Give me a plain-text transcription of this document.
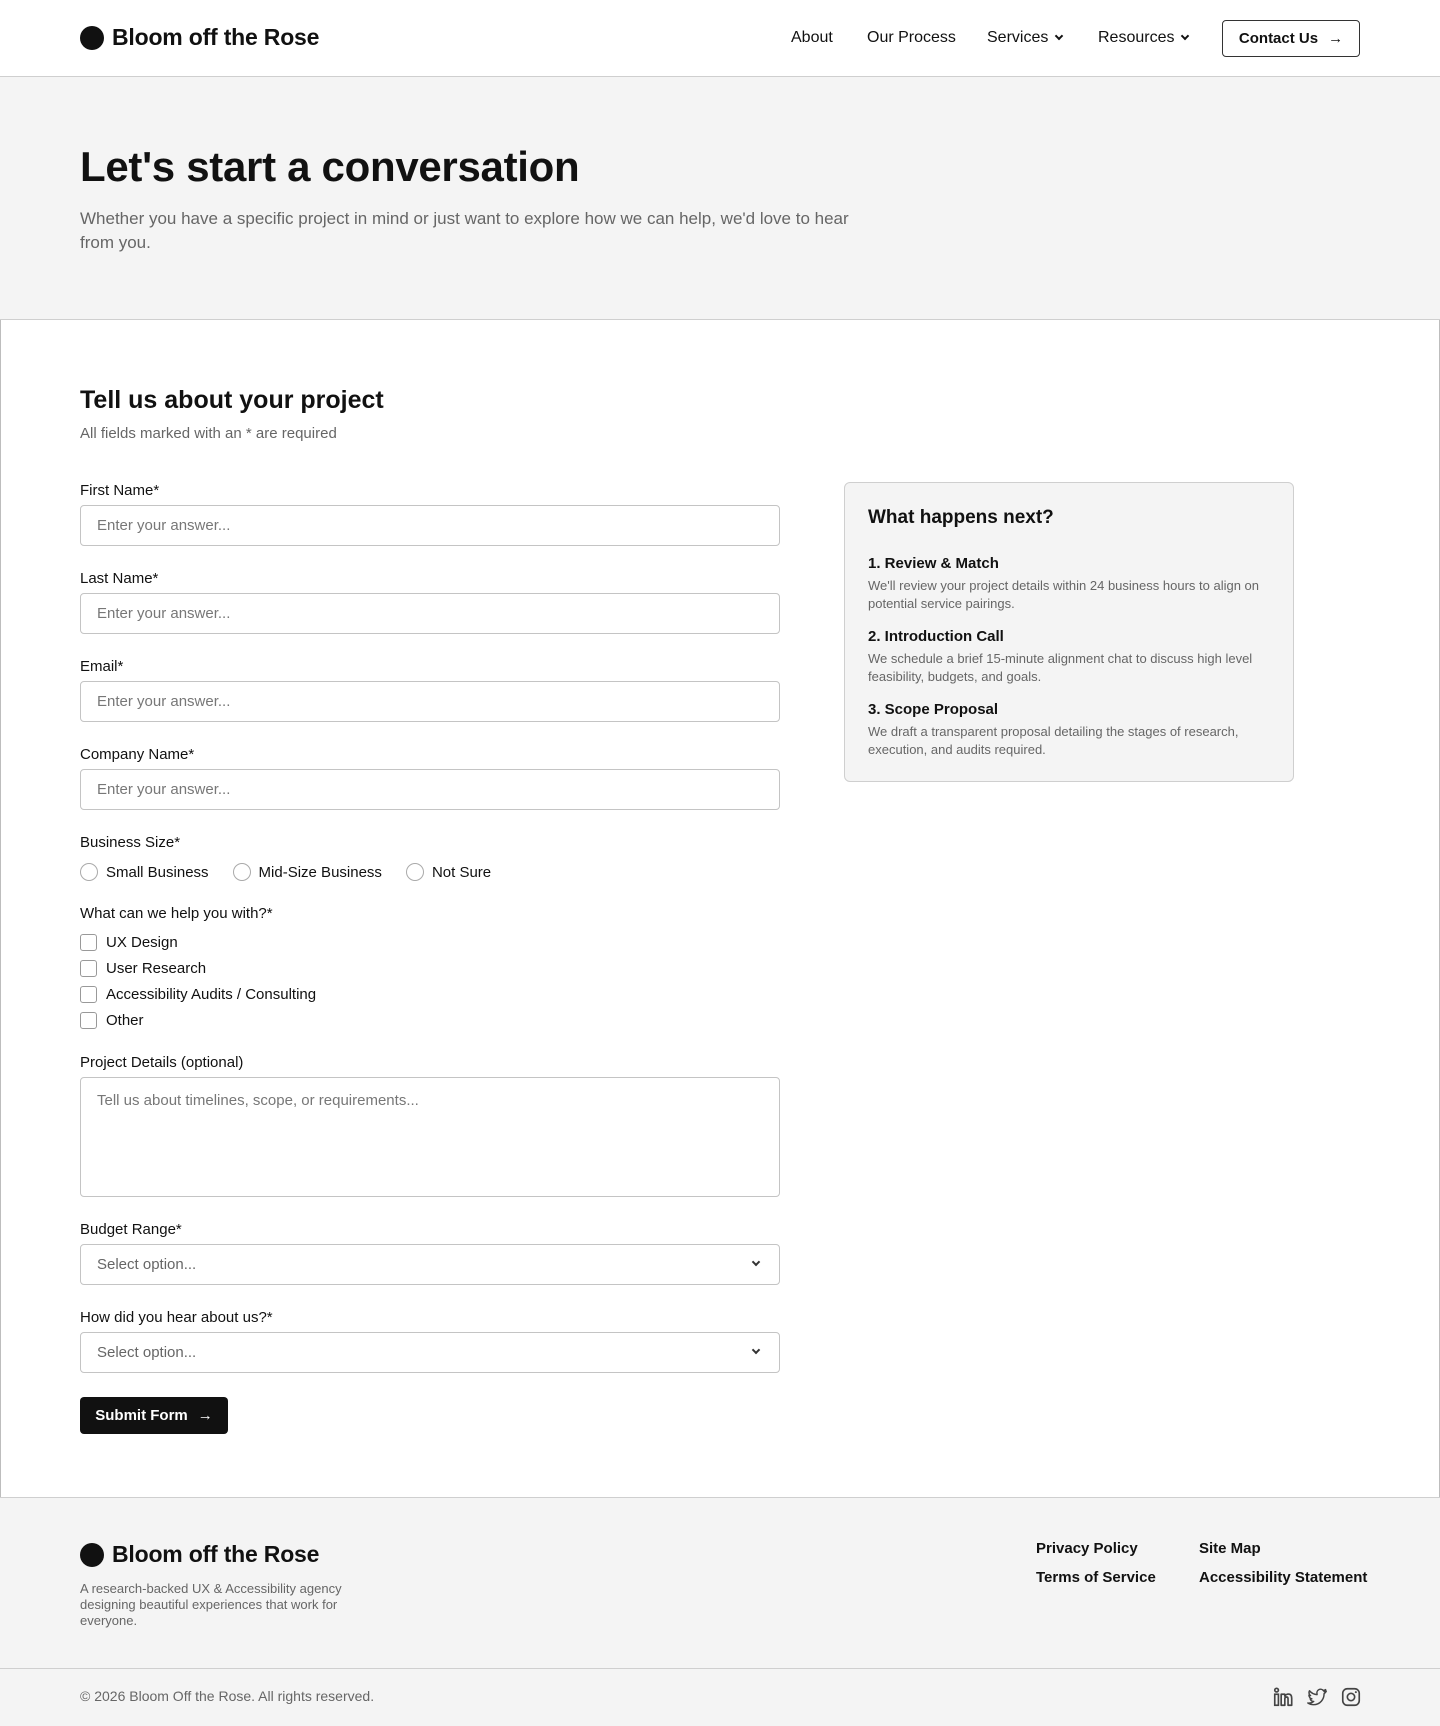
Bloom off the Rose	About Our Process Services	Resources	Contact Us →
Let's start a conversation

Whether you have a specific project in mind or just want to explore how we can help, we'd love to hear from you.

Tell us about your project
All fields marked with an * are required
First Name*
Enter your answer...
Last Name*
Enter your answer...
Email*
Enter your answer...
Company Name*
Enter your answer...
Business Size*
Small Business	Mid-Size Business	Not Sure
What can we help you with?*
UX Design
User Research
Accessibility Audits / Consulting
Other
Project Details (optional)
Tell us about timelines, scope, or requirements...
Budget Range*
Select option...
How did you hear about us?*
Select option...
Submit Form →
What happens next?
1. Review & Match
We'll review your project details within 24 business hours to align on potential service pairings.
2. Introduction Call
We schedule a brief 15-minute alignment chat to discuss high level feasibility, budgets, and goals.
3. Scope Proposal
We draft a transparent proposal detailing the stages of research, execution, and audits required.
Bloom off the Rose
A research-backed UX & Accessibility agency designing beautiful experiences that work for everyone.
Privacy Policy
Terms of Service
Site Map
Accessibility Statement
© 2026 Bloom Off the Rose. All rights reserved.
